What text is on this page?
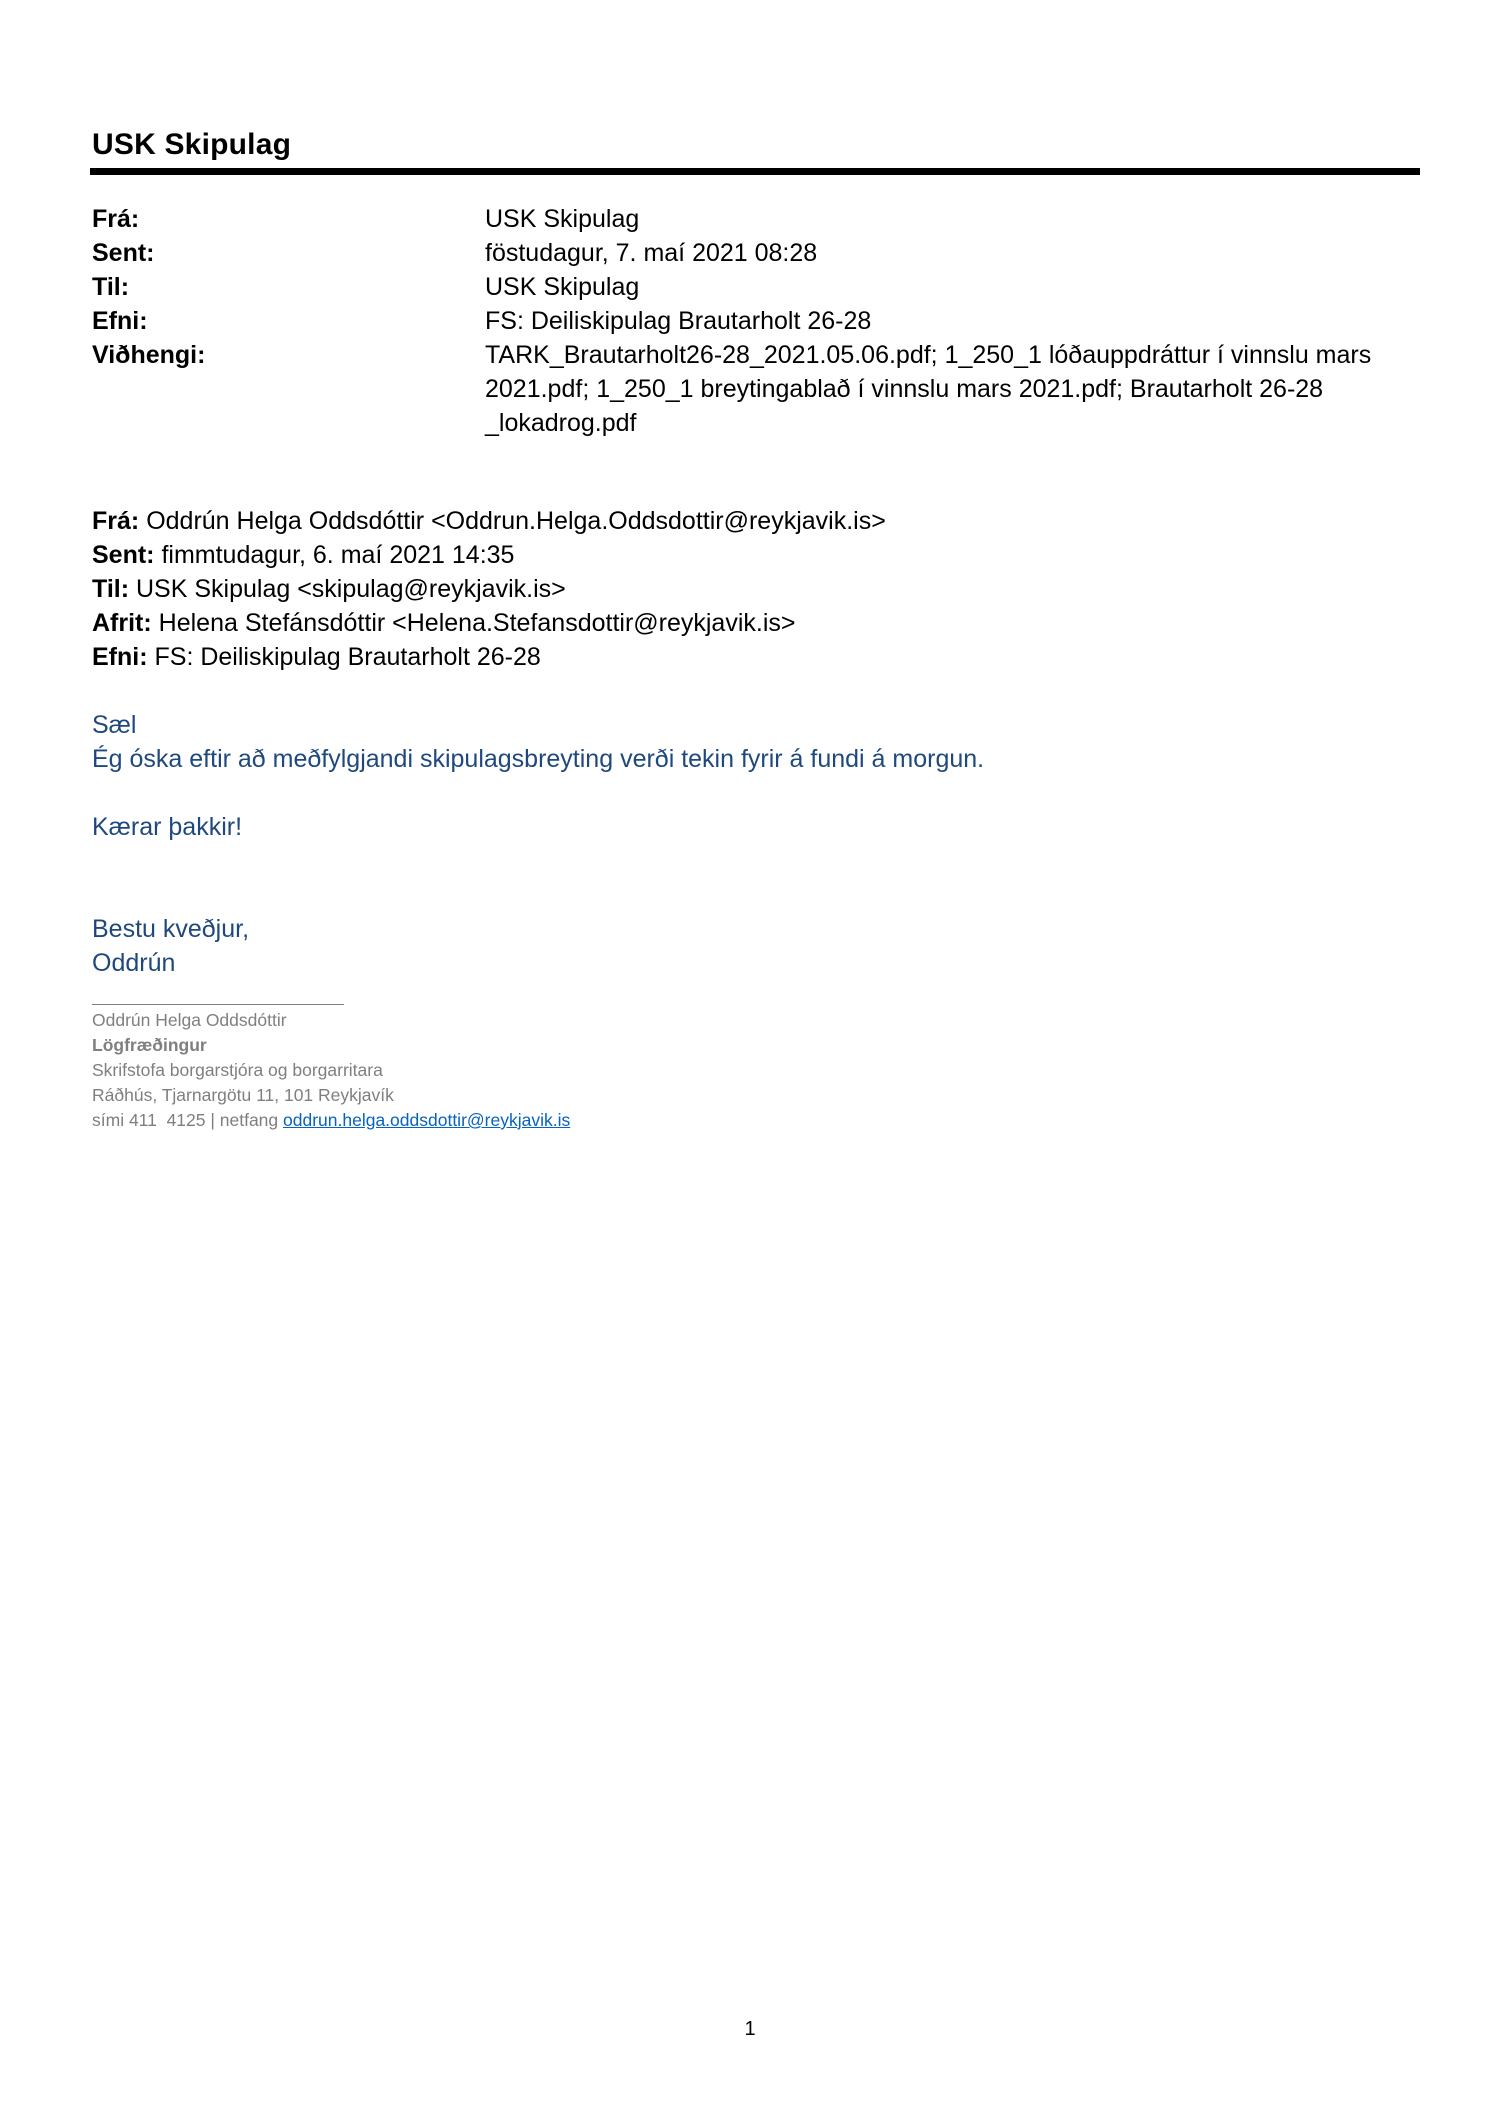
USK Skipulag
Frá:	USK Skipulag
Sent:	föstudagur, 7. maí 2021 08:28
Til:	USK Skipulag
Efni:	FS: Deiliskipulag Brautarholt 26-28
Viðhengi:	TARK_Brautarholt26-28_2021.05.06.pdf; 1_250_1 lóðauppdráttur í vinnslu mars 2021.pdf; 1_250_1 breytingablað í vinnslu mars 2021.pdf; Brautarholt 26-28 _lokadrog.pdf
Frá: Oddrún Helga Oddsdóttir <Oddrun.Helga.Oddsdottir@reykjavik.is>
Sent: fimmtudagur, 6. maí 2021 14:35
Til: USK Skipulag <skipulag@reykjavik.is>
Afrit: Helena Stefánsdóttir <Helena.Stefansdottir@reykjavik.is>
Efni: FS: Deiliskipulag Brautarholt 26-28
Sæl
Ég óska eftir að meðfylgjandi skipulagsbreyting verði tekin fyrir á fundi á morgun.
Kærar þakkir!
Bestu kveðjur,
Oddrún
Oddrún Helga Oddsdóttir
Lögfræðingur
Skrifstofa borgarstjóra og borgarritara
Ráðhús, Tjarnargötu 11, 101 Reykjavík
sími 411  4125 | netfang oddrun.helga.oddsdottir@reykjavik.is
1
